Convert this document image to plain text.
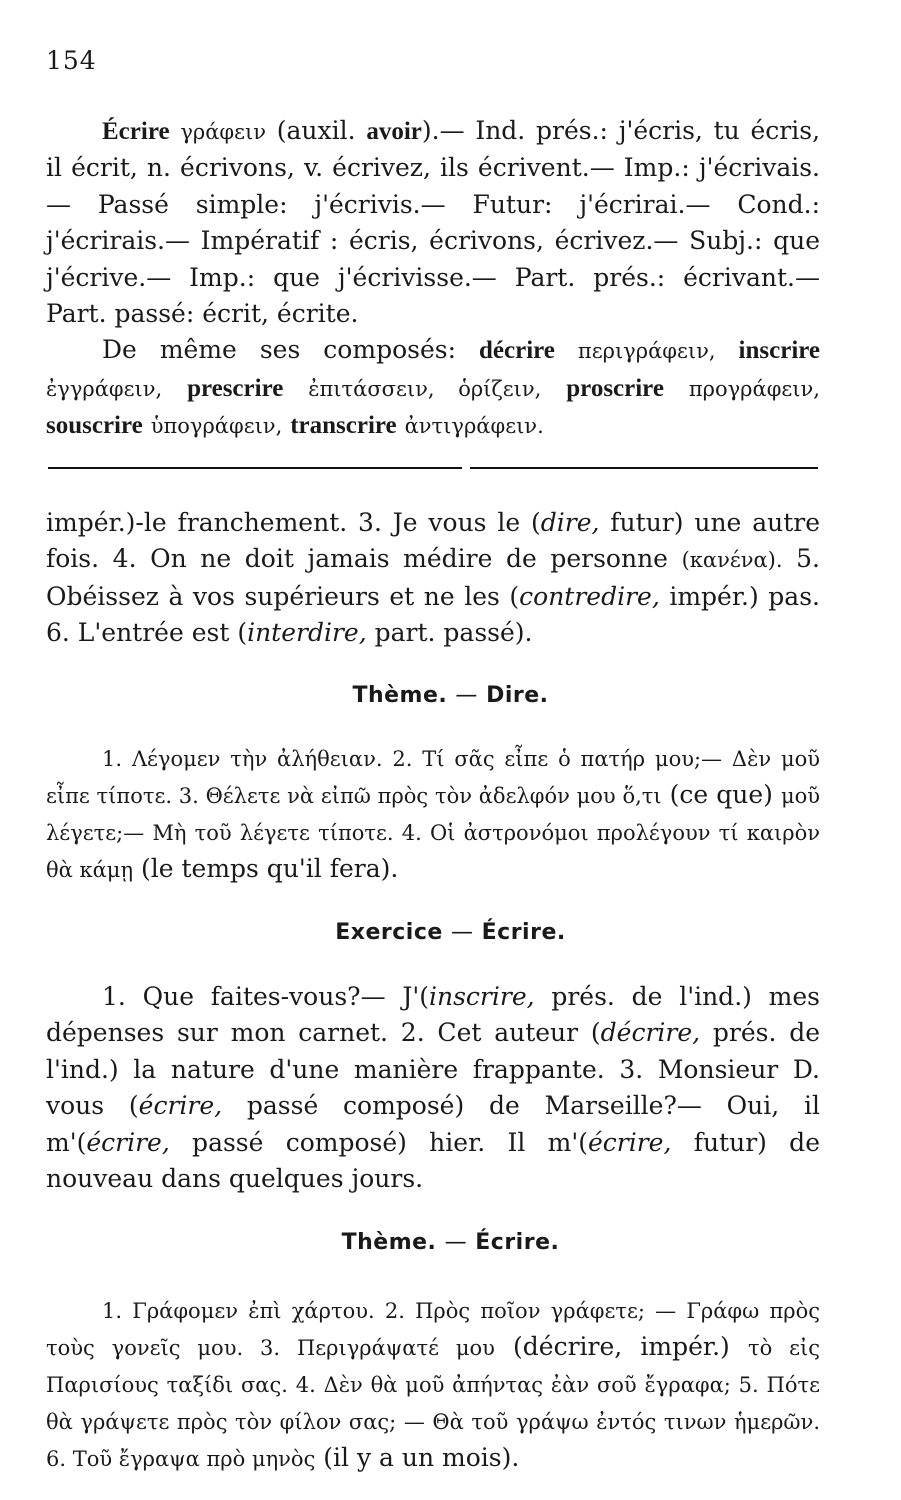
154
Écrire γράφειν (auxil. avoir).— Ind. prés.: j'écris, tu écris, il écrit, n. écrivons, v. écrivez, ils écrivent.— Imp.: j'écrivais.— Passé simple: j'écrivis.— Futur: j'écrirai.— Cond.: j'écrirais.— Impératif : écris, écrivons, écrivez.— Subj.: que j'écrive.— Imp.: que j'écrivisse.— Part. prés.: écrivant.— Part. passé: écrit, écrite.
De même ses composés: décrire περιγράφειν, inscrire ἐγγράφειν, prescrire ἐπιτάσσειν, ὁρίζειν, proscrire προγράφειν, souscrire ὑπογράφειν, transcrire ἀντιγράφειν.
impér.)-le franchement. 3. Je vous le (dire, futur) une autre fois. 4. On ne doit jamais médire de personne (κανένα). 5. Obéissez à vos supérieurs et ne les (contredire, impér.) pas. 6. L'entrée est (interdire, part. passé).
Thème. — Dire.
1. Λέγομεν τὴν ἀλήθειαν. 2. Τί σᾶς εἶπε ὁ πατήρ μου;— Δὲν μοῦ εἶπε τίποτε. 3. Θέλετε νὰ εἰπῶ πρὸς τὸν ἀδελφόν μου ὅ,τι (ce que) μοῦ λέγετε;— Μὴ τοῦ λέγετε τίποτε. 4. Οἱ ἀστρονόμοι προλέγουν τί καιρὸν θὰ κάμῃ (le temps qu'il fera).
Exercice — Écrire.
1. Que faites-vous?— J'(inscrire, prés. de l'ind.) mes dépenses sur mon carnet. 2. Cet auteur (décrire, prés. de l'ind.) la nature d'une manière frappante. 3. Monsieur D. vous (écrire, passé composé) de Marseille?— Oui, il m'(écrire, passé composé) hier. Il m'(écrire, futur) de nouveau dans quelques jours.
Thème. — Écrire.
1. Γράφομεν ἐπὶ χάρτου. 2. Πρὸς ποῖον γράφετε; — Γράφω πρὸς τοὺς γονεῖς μου. 3. Περιγράψατέ μου (décrire, impér.) τὸ εἰς Παρισίους ταξίδι σας. 4. Δὲν θὰ μοῦ ἀπήντας ἐὰν σοῦ ἔγραφα; 5. Πότε θὰ γράψετε πρὸς τὸν φίλον σας; — Θὰ τοῦ γράψω ἐντός τινων ἡμερῶν. 6. Τοῦ ἔγραψα πρὸ μηνὸς (il y a un mois).
